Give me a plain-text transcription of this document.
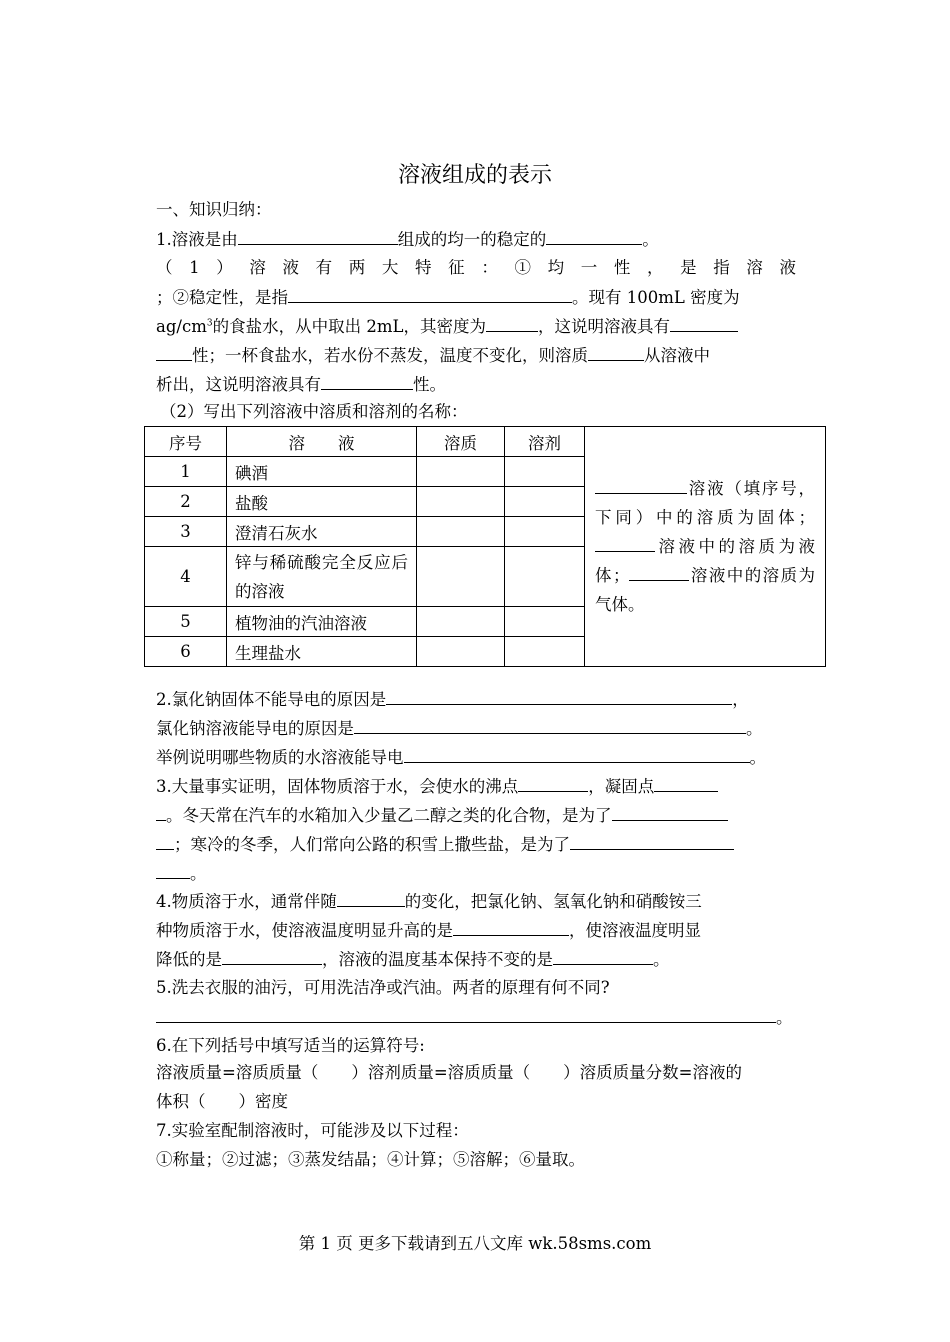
溶液组成的表示
一、知识归纳：
1.溶液是由	组成的均一的稳定的	。
（1）溶液有两大特征：①均一性，是指溶液
；②稳定性，是指	。现有 100mL 密度为
$ag/cm^3$的食盐水，从中取出 2mL，其密度为	，这说明溶液具有
性；一杯食盐水，若水份不蒸发，温度不变化，则溶质	从溶液中
析出，这说明溶液具有	性。
（2）写出下列溶液中溶质和溶剂的名称：
序号	溶　　液	溶质	溶剂	溶液（填序号，下同）中的溶质为固体；溶液中的溶质为液体； 溶液中的溶质为气体。
1	碘酒			
2	盐酸			
3	澄清石灰水			
4	锌与稀硫酸完全反应后的溶液			
5	植物油的汽油溶液			
6	生理盐水			
2.氯化钠固体不能导电的原因是	，
氯化钠溶液能导电的原因是	。
举例说明哪些物质的水溶液能导电	。
3.大量事实证明，固体物质溶于水，会使水的沸点	，凝固点
。冬天常在汽车的水箱加入少量乙二醇之类的化合物，是为了
；寒冷的冬季，人们常向公路的积雪上撒些盐，是为了
。
4.物质溶于水，通常伴随	的变化，把氯化钠、氢氧化钠和硝酸铵三
种物质溶于水，使溶液温度明显升高的是	，使溶液温度明显
降低的是	，溶液的温度基本保持不变的是	。
5.洗去衣服的油污，可用洗洁净或汽油。两者的原理有何不同?
。
6.在下列括号中填写适当的运算符号:
溶液质量=溶质质量（　　）溶剂质量=溶质质量（　　）溶质质量分数=溶液的
体积（　　）密度
7.实验室配制溶液时，可能涉及以下过程：
①称量；②过滤；③蒸发结晶；④计算；⑤溶解；⑥量取。
第 1 页 更多下载请到五八文库 wk.58sms.com
